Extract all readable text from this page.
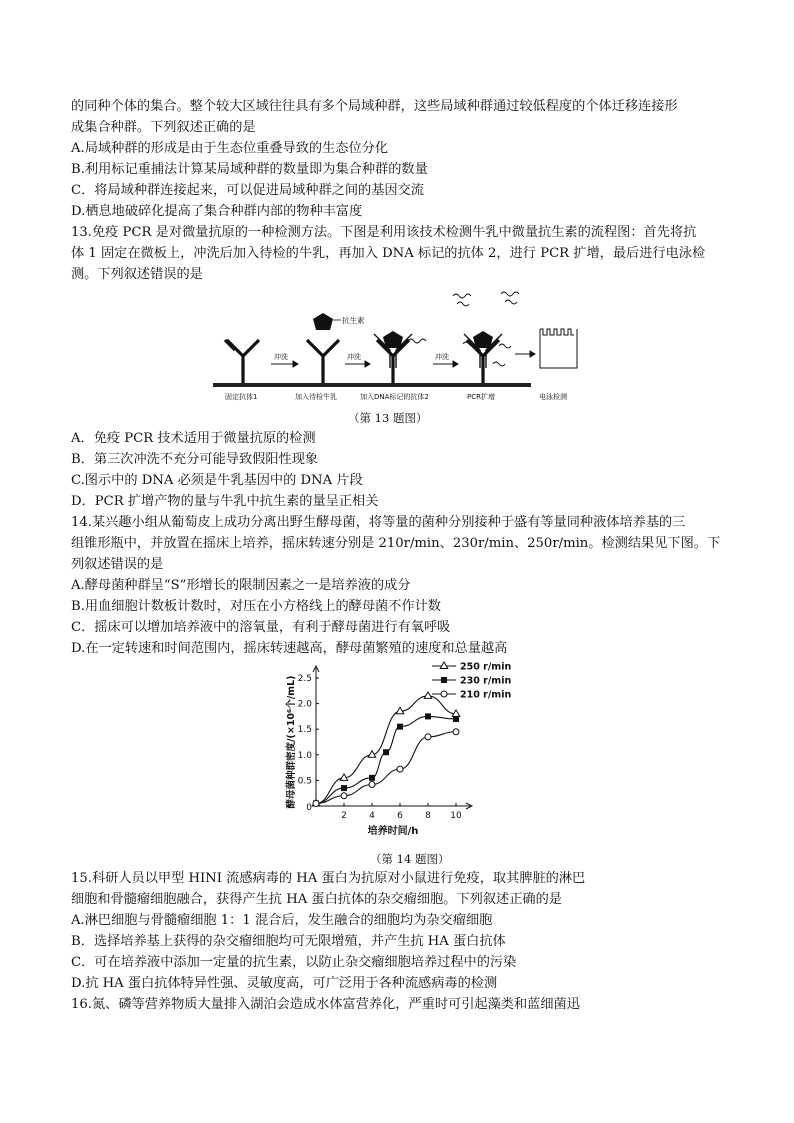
的同种个体的集合。整个较大区域往往具有多个局域种群，这些局域种群通过较低程度的个体迁移连接形
成集合种群。下列叙述正确的是
A.局域种群的形成是由于生态位重叠导致的生态位分化
B.利用标记重捕法计算某局域种群的数量即为集合种群的数量
C．将局域种群连接起来，可以促进局域种群之间的基因交流
D.栖息地破碎化提高了集合种群内部的物种丰富度
13.免疫 PCR 是对微量抗原的一种检测方法。下图是利用该技术检测牛乳中微量抗生素的流程图：首先将抗
体 1 固定在微板上，冲洗后加入待检的牛乳，再加入 DNA 标记的抗体 2，进行 PCR 扩增，最后进行电泳检
测。下列叙述错误的是
抗生素
冲洗	冲洗	冲洗
固定抗体1	加入待检牛乳	加入DNA标记的抗体2	PCR扩增	电泳检测
（第 13 题图）
A．免疫 PCR 技术适用于微量抗原的检测
B．第三次冲洗不充分可能导致假阳性现象
C.图示中的 DNA 必须是牛乳基因中的 DNA 片段
D．PCR 扩增产物的量与牛乳中抗生素的量呈正相关
14.某兴趣小组从葡萄皮上成功分离出野生酵母菌，将等量的菌种分别接种于盛有等量同种液体培养基的三
组锥形瓶中，并放置在摇床上培养，摇床转速分别是 210r/min、230r/min、250r/min。检测结果见下图。下
列叙述错误的是
A.酵母菌种群呈“S”形增长的限制因素之一是培养液的成分
B.用血细胞计数板计数时，对压在小方格线上的酵母菌不作计数
C．摇床可以增加培养液中的溶氧量，有利于酵母菌进行有氧呼吸
D.在一定转速和时间范围内，摇床转速越高，酵母菌繁殖的速度和总量越高
2 4 6 8 10
0.5
1.0
1.5
2.0
2.5
0
培养时间/h
酵母菌种群密度/(×10⁶个/mL)
250 r/min
230 r/min
210 r/min
（第 14 题图）
15.科研人员以甲型 HINI 流感病毒的 HA 蛋白为抗原对小鼠进行免疫，取其脾脏的淋巴
细胞和骨髓瘤细胞融合，获得产生抗 HA 蛋白抗体的杂交瘤细胞。下列叙述正确的是
A.淋巴细胞与骨髓瘤细胞 1：1 混合后，发生融合的细胞均为杂交瘤细胞
B．选择培养基上获得的杂交瘤细胞均可无限增殖，并产生抗 HA 蛋白抗体
C．可在培养液中添加一定量的抗生素，以防止杂交瘤细胞培养过程中的污染
D.抗 HA 蛋白抗体特异性强、灵敏度高，可广泛用于各种流感病毒的检测
16.氮、磷等营养物质大量排入湖泊会造成水体富营养化，严重时可引起藻类和蓝细菌迅
